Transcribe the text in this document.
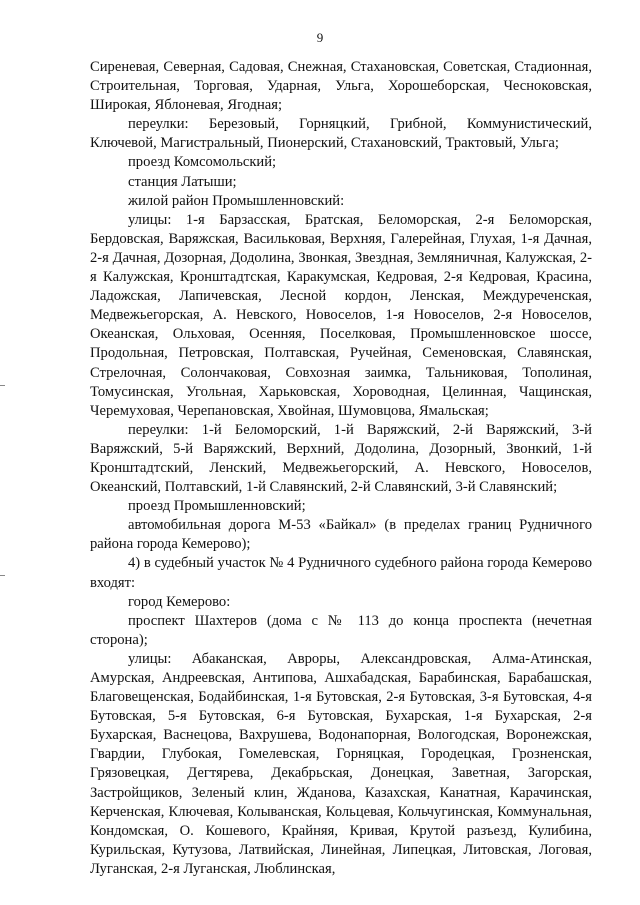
9

Сиреневая, Северная, Садовая, Снежная, Стахановская, Советская, Стадионная, Строительная, Торговая, Ударная, Ульга, Хорошеборская, Чесноковская, Широкая, Яблоневая, Ягодная;

переулки: Березовый, Горняцкий, Грибной, Коммунистический, Ключевой, Магистральный, Пионерский, Стахановский, Трактовый, Ульга;

проезд Комсомольский;

станция Латыши;

жилой район Промышленновский:

улицы: 1-я Барзасская, Братская, Беломорская, 2-я Беломорская, Бердовская, Варяжская, Васильковая, Верхняя, Галерейная, Глухая, 1-я Дачная, 2-я Дачная, Дозорная, Додолина, Звонкая, Звездная, Земляничная, Калужская, 2-я Калужская, Кронштадтская, Каракумская, Кедровая, 2-я Кедровая, Красина, Ладожская, Лапичевская, Лесной кордон, Ленская, Междуреченская, Медвежьегорская, А. Невского, Новоселов, 1-я Новоселов, 2-я Новоселов, Океанская, Ольховая, Осенняя, Поселковая, Промышленновское шоссе, Продольная, Петровская, Полтавская, Ручейная, Семеновская, Славянская, Стрелочная, Солончаковая, Совхозная заимка, Тальниковая, Тополиная, Томусинская, Угольная, Харьковская, Хороводная, Целинная, Чащинская, Черемуховая, Черепановская, Хвойная, Шумовцова, Ямальская;

переулки: 1-й Беломорский, 1-й Варяжский, 2-й Варяжский, 3-й Варяжский, 5-й Варяжский, Верхний, Додолина, Дозорный, Звонкий, 1-й Кронштадтский, Ленский, Медвежьегорский, А. Невского, Новоселов, Океанский, Полтавский, 1-й Славянский, 2-й Славянский, 3-й Славянский;

проезд Промышленновский;

автомобильная дорога М-53 «Байкал» (в пределах границ Рудничного района города Кемерово);

4) в судебный участок № 4 Рудничного судебного района города Кемерово входят:

город Кемерово:

проспект Шахтеров (дома с № 113 до конца проспекта (нечетная сторона);

улицы: Абаканская, Авроры, Александровская, Алма-Атинская, Амурская, Андреевская, Антипова, Ашхабадская, Барабинская, Барабашская, Благовещенская, Бодайбинская, 1-я Бутовская, 2-я Бутовская, 3-я Бутовская, 4-я Бутовская, 5-я Бутовская, 6-я Бутовская, Бухарская, 1-я Бухарская, 2-я Бухарская, Васнецова, Вахрушева, Водонапорная, Вологодская, Воронежская, Гвардии, Глубокая, Гомелевская, Горняцкая, Городецкая, Грозненская, Грязовецкая, Дегтярева, Декабрьская, Донецкая, Заветная, Загорская, Застройщиков, Зеленый клин, Жданова, Казахская, Канатная, Карачинская, Керченская, Ключевая, Колыванская, Кольцевая, Кольчугинская, Коммунальная, Кондомская, О. Кошевого, Крайняя, Кривая, Крутой разъезд, Кулибина, Курильская, Кутузова, Латвийская, Линейная, Липецкая, Литовская, Логовая, Луганская, 2-я Луганская, Люблинская,
